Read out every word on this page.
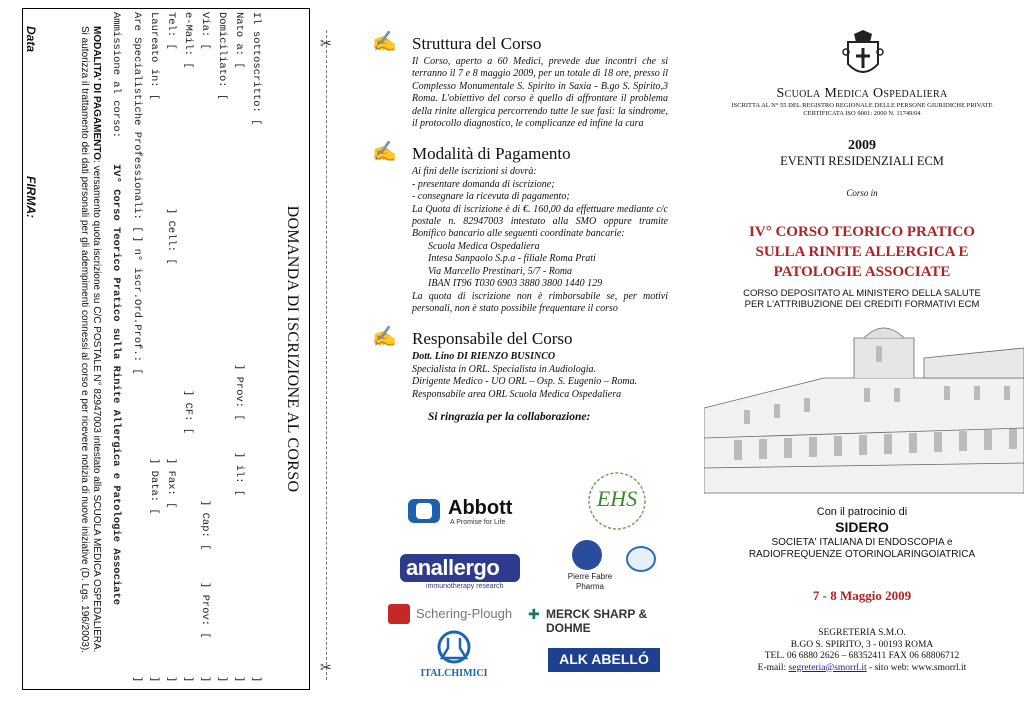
DOMANDA DI ISCRIZIONE AL CORSO
Il sottoscritto: [
]
Nato a: [
] Prov: [
] il: [
]
Domiciliato: [
]
Via: [
] Cap: [
] Prov: [
]
e-Mail: [
] CF: [
]
Tel: [
] Cell: [
] Fax: [
]
Laureato in: [
] Data: [
]
Are Specialistiche Professionali: [
] n° iscr.Ord.Prof.: [
]
Ammissione al corso:
IV° Corso Teorico Pratico sulla Rinite Allergica e Patologie Associate
MODALITA' DI PAGAMENTO: versamento quota iscrizione su C/C POSTALE N° 82947003 intestato alla SCUOLA MEDICA OSPEDALIERA.
Si autorizza il trattamento dei dati personali per gli adempimenti connessi al corso e per ricevere notizia di nuove iniziative (D. Lgs. 196/2003).
Data
FIRMA:
✂
✂
✍ Struttura del Corso
Il Corso, aperto a 60 Medici, prevede due incontri che si terranno il 7 e 8 maggio 2009, per un totale di 18 ore, presso il Complesso Monumentale S. Spirito in Saxia - B.go S. Spirito,3 Roma. L'obiettivo del corso è quello di affrontare il problema della rinite allergica percorrendo tutte le sue fasi: la sindrome, il protocollo diagnostico, le complicanze ed infine la cura
✍ Modalità di Pagamento
Ai fini delle iscrizioni si dovrà:
- presentare domanda di iscrizione;
- consegnare la ricevuta di pagamento;
La Quota di iscrizione è di €. 160,00 da effettuare mediante c/c postale n. 82947003 intestato alla SMO oppure tramite Bonifico bancario alle seguenti coordinate bancarie:
Scuola Medica Ospedaliera
Intesa Sanpaolo S.p.a - filiale Roma Prati
Via Marcello Prestinari, 5/7 - Roma
IBAN IT96 T030 6903 3880 3800 1440 129
La quota di iscrizione non è rimborsabile se, per motivi personali, non è stato possibile frequentare il corso
✍ Responsabile del Corso
Dott. Lino DI RIENZO BUSINCO
Specialista in ORL. Specialista in Audiologia.
Dirigente Medico - UO ORL – Osp. S. Eugenio – Roma.
Responsabile area ORL Scuola Medica Ospedaliera
Si ringrazia per la collaborazione:
Abbott
A Promise for Life
EHS
anallergo
immunotherapy research
Pierre Fabre
Pharma
Schering-Plough ✚ MERCK SHARP & DOHME
ITALCHIMICI
ALK ABELLÓ
Scuola Medica Ospedaliera
ISCRITTA AL N° 55 DEL REGISTRO REGIONALE DELLE PERSONE GIURIDICHE PRIVATE
CERTIFICATA ISO 9001: 2000 N. 11749/04
2009
EVENTI RESIDENZIALI ECM
Corso in
IV° CORSO TEORICO PRATICO
SULLA RINITE ALLERGICA E
PATOLOGIE ASSOCIATE
CORSO DEPOSITATO AL MINISTERO DELLA SALUTE
PER L'ATTRIBUZIONE DEI CREDITI FORMATIVI ECM
Con il patrocinio di
SIDERO
SOCIETA' ITALIANA DI ENDOSCOPIA e
RADIOFREQUENZE OTORINOLARINGOIATRICA
7 - 8 Maggio 2009
SEGRETERIA S.M.O.
B.GO S. SPIRITO, 3 - 00193 ROMA
TEL. 06 6880 2626 – 68352411 FAX 06 68806712
E-mail: segreteria@smorrl.it - sito web: www.smorrl.it
